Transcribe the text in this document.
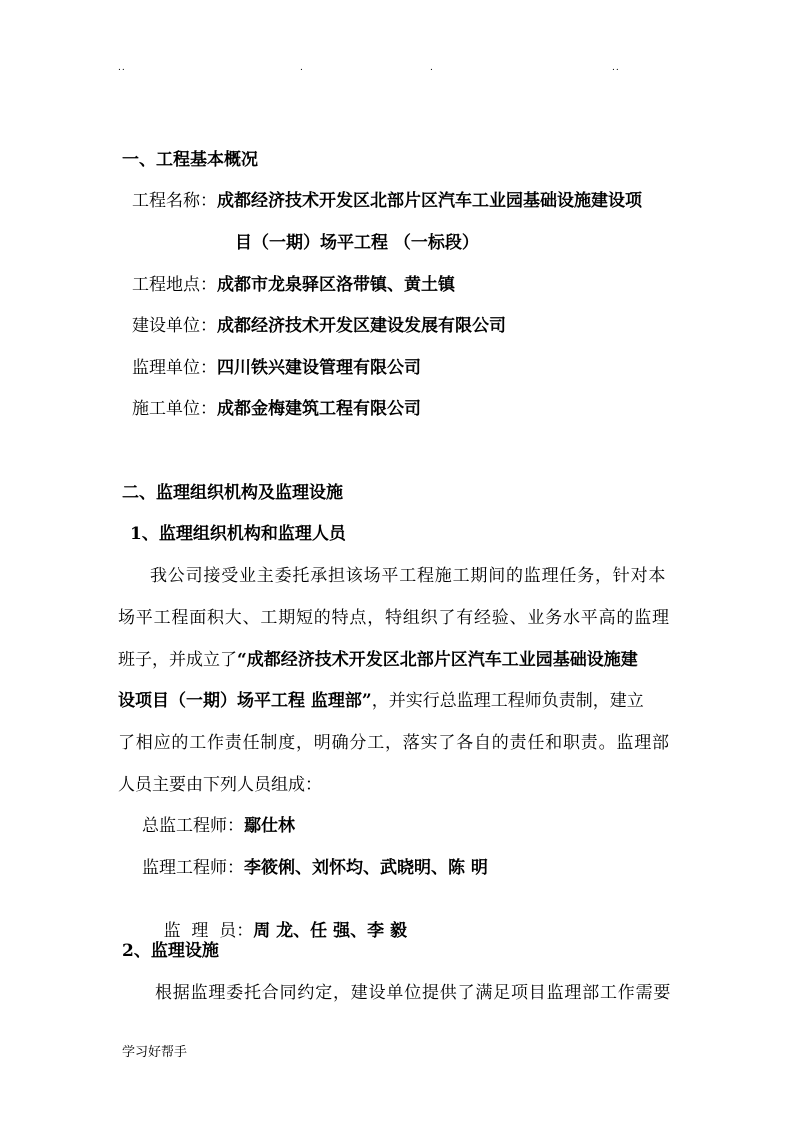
..	.	.	..
一、工程基本概况
工程名称：成都经济技术开发区北部片区汽车工业园基础设施建设项
目（一期）场平工程 （一标段）
工程地点：成都市龙泉驿区洛带镇、黄土镇
建设单位：成都经济技术开发区建设发展有限公司
监理单位：四川铁兴建设管理有限公司
施工单位：成都金梅建筑工程有限公司
二、监理组织机构及监理设施
1、监理组织机构和监理人员
我公司接受业主委托承担该场平工程施工期间的监理任务，针对本
场平工程面积大、工期短的特点，特组织了有经验、业务水平高的监理
班子，并成立了“成都经济技术开发区北部片区汽车工业园基础设施建
设项目（一期）场平工程 监理部”，并实行总监理工程师负责制，建立
了相应的工作责任制度，明确分工，落实了各自的责任和职责。监理部
人员主要由下列人员组成：
总监工程师：鄢仕林
监理工程师：李筱俐、刘怀均、武晓明、陈 明

监  理  员：周 龙、任 强、李 毅

2、监理设施
根据监理委托合同约定，建设单位提供了满足项目监理部工作需要
学习好帮手
